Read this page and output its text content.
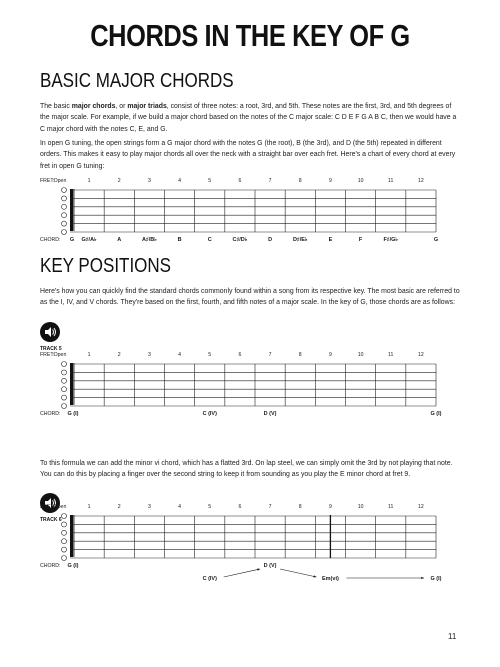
CHORDS IN THE KEY OF G
BASIC MAJOR CHORDS

The basic major chords, or major triads, consist of three notes: a root, 3rd, and 5th. These notes are the first, 3rd, and 5th degrees of the major scale. For example, if we build a major chord based on the notes of the C major scale: C D E F G A B C, then we would have a C major chord with the notes C, E, and G.

In open G tuning, the open strings form a G major chord with the notes G (the root), B (the 3rd), and D (the 5th) repeated in different orders. This makes it easy to play major chords all over the neck with a straight bar over each fret. Here's a chart of every chord at every fret in open G tuning:

KEY POSITIONS

Here's how you can quickly find the standard chords commonly found within a song from its respective key. The most basic are referred to as the I, IV, and V chords. They're based on the first, fourth, and fifth notes of a major scale. In the key of G, those chords are as follows:

TRACK 5

To this formula we can add the minor vi chord, which has a flatted 3rd. On lap steel, we can simply omit the 3rd by not playing that note. You can do this by placing a finger over the second string to keep it from sounding as you play the E minor chord at fret 9.

TRACK 6
FRET: Open	1	2	3	4	5	6	7	8	9	10	11	12
CHORD: G G♯/A♭	A	A♯/B♭	B	C	C♯/D♭	D	D♯/E♭	E	F	F♯/G♭	G
FRET: Open	1	2	3	4	5	6	7	8	9	10	11	12
CHORD: G (I)	C (IV)	D (V)	G (I)
FRET: Open	1	2	3	4	5	6	7	8	9	10	11	12
CHORD: G (I)	D (V)
C (IV)	Em(vi)	G (I)
11
